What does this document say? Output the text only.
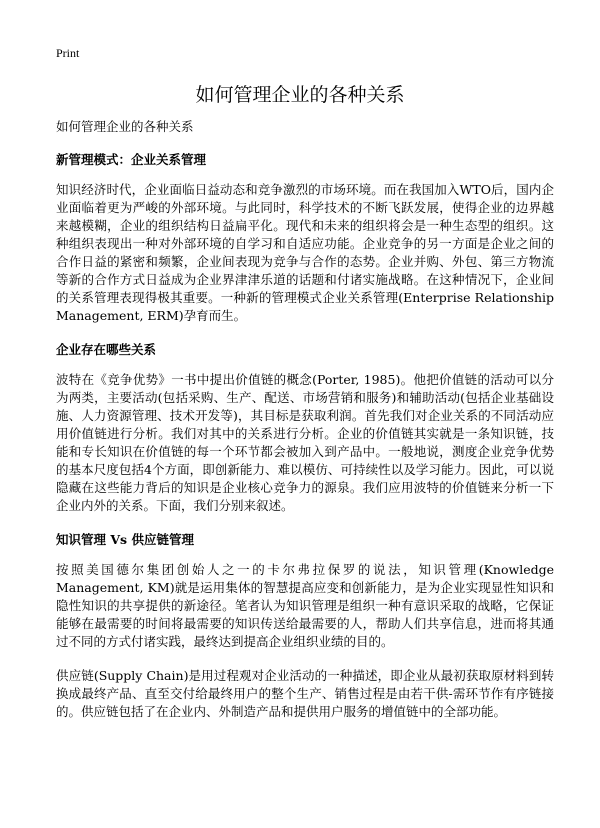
Print
如何管理企业的各种关系
如何管理企业的各种关系
新管理模式：企业关系管理

知识经济时代，企业面临日益动态和竞争激烈的市场环境。而在我国加入WTO后，国内企业面临着更为严峻的外部环境。与此同时，科学技术的不断飞跃发展，使得企业的边界越来越模糊，企业的组织结构日益扁平化。现代和未来的组织将会是一种生态型的组织。这种组织表现出一种对外部环境的自学习和自适应功能。企业竞争的另一方面是企业之间的合作日益的紧密和频繁，企业间表现为竞争与合作的态势。企业并购、外包、第三方物流等新的合作方式日益成为企业界津津乐道的话题和付诸实施战略。在这种情况下，企业间的关系管理表现得极其重要。一种新的管理模式企业关系管理(Enterprise Relationship Management, ERM)孕育而生。

企业存在哪些关系

波特在《竞争优势》一书中提出价值链的概念(Porter, 1985)。他把价值链的活动可以分为两类，主要活动(包括采购、生产、配送、市场营销和服务)和辅助活动(包括企业基础设施、人力资源管理、技术开发等)，其目标是获取利润。首先我们对企业关系的不同活动应用价值链进行分析。我们对其中的关系进行分析。企业的价值链其实就是一条知识链，技能和专长知识在价值链的每一个环节都会被加入到产品中。一般地说，测度企业竞争优势的基本尺度包括4个方面，即创新能力、难以模仿、可持续性以及学习能力。因此，可以说隐藏在这些能力背后的知识是企业核心竞争力的源泉。我们应用波特的价值链来分析一下企业内外的关系。下面，我们分别来叙述。

知识管理 Vs 供应链管理

按照美国德尔集团创始人之一的卡尔弗拉保罗的说法，知识管理(Knowledge Management, KM)就是运用集体的智慧提高应变和创新能力，是为企业实现显性知识和隐性知识的共享提供的新途径。笔者认为知识管理是组织一种有意识采取的战略，它保证能够在最需要的时间将最需要的知识传送给最需要的人，帮助人们共享信息，进而将其通过不同的方式付诸实践，最终达到提高企业组织业绩的目的。

供应链(Supply Chain)是用过程观对企业活动的一种描述，即企业从最初获取原材料到转换成最终产品、直至交付给最终用户的整个生产、销售过程是由若干供-需环节作有序链接的。供应链包括了在企业内、外制造产品和提供用户服务的增值链中的全部功能。
